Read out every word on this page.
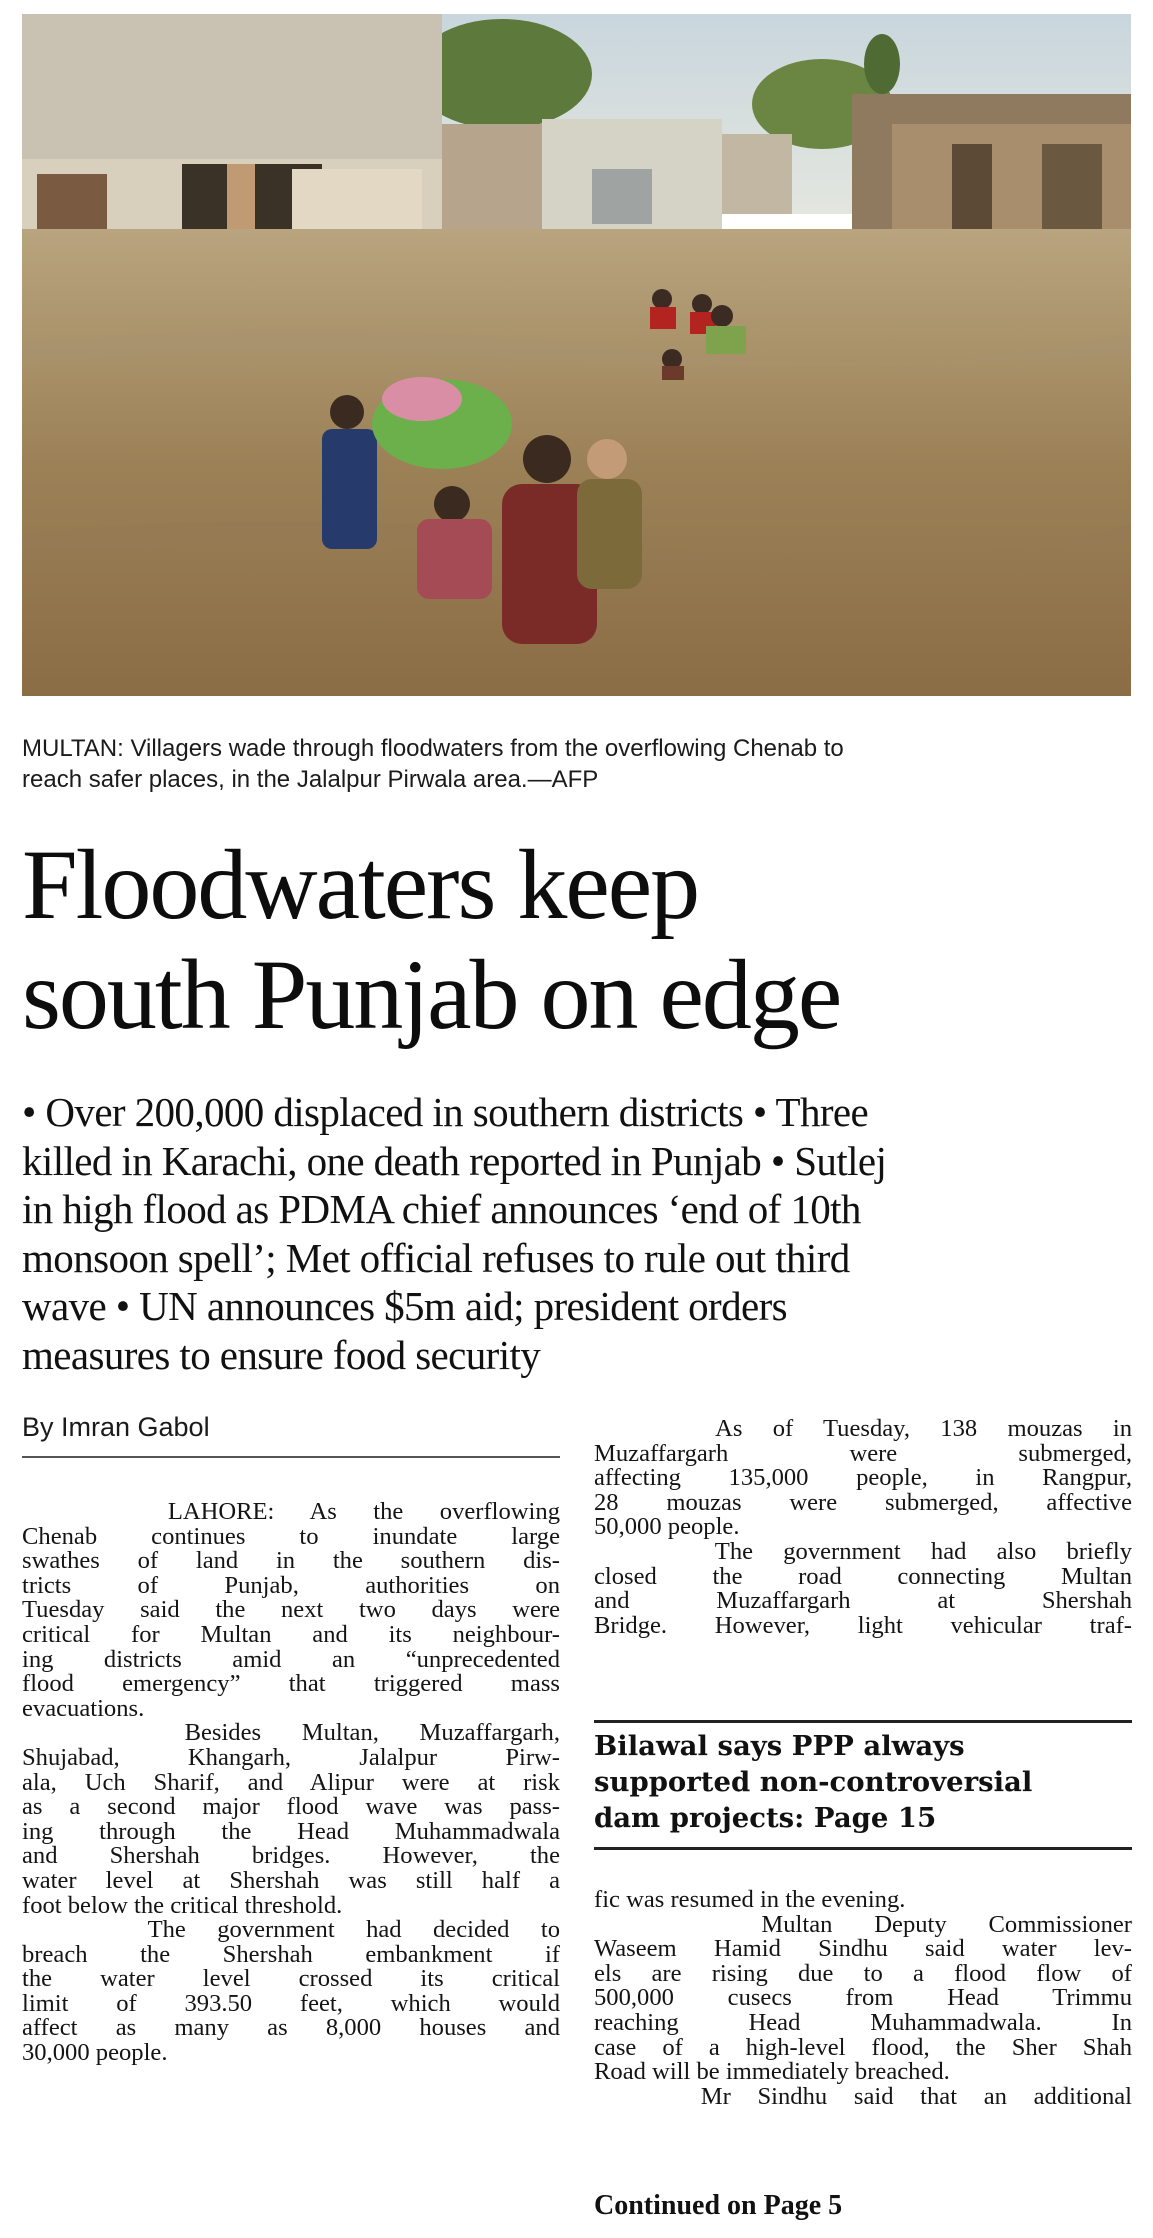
MULTAN: Villagers wade through floodwaters from the overflowing Chenab to
reach safer places, in the Jalalpur Pirwala area.—AFP
Floodwaters keep
south Punjab on edge
• Over 200,000 displaced in southern districts • Three
killed in Karachi, one death reported in Punjab • Sutlej
in high flood as PDMA chief announces ‘end of 10th
monsoon spell’; Met official refuses to rule out third
wave • UN announces $5m aid; president orders
measures to ensure food security
By Imran Gabol
LAHORE: As the overflowing
Chenab continues to inundate large
swathes of land in the southern dis-
tricts of Punjab, authorities on
Tuesday said the next two days were
critical for Multan and its neighbour-
ing districts amid an “unprecedented
flood emergency” that triggered mass
evacuations.
Besides Multan, Muzaffargarh,
Shujabad, Khangarh, Jalalpur Pirw-
ala, Uch Sharif, and Alipur were at risk
as a second major flood wave was pass-
ing through the Head Muhammadwala
and Shershah bridges. However, the
water level at Shershah was still half a
foot below the critical threshold.
The government had decided to
breach the Shershah embankment if
the water level crossed its critical
limit of 393.50 feet, which would
affect as many as 8,000 houses and
30,000 people.
As of Tuesday, 138 mouzas in
Muzaffargarh were submerged,
affecting 135,000 people, in Rangpur,
28 mouzas were submerged, affective
50,000 people.
The government had also briefly
closed the road connecting Multan
and Muzaffargarh at Shershah
Bridge. However, light vehicular traf-
Bilawal says PPP always
supported non-controversial
dam projects: Page 15
fic was resumed in the evening.
Multan Deputy Commissioner
Waseem Hamid Sindhu said water lev-
els are rising due to a flood flow of
500,000 cusecs from Head Trimmu
reaching Head Muhammadwala. In
case of a high-level flood, the Sher Shah
Road will be immediately breached.
Mr Sindhu said that an additional
Continued on Page 5
